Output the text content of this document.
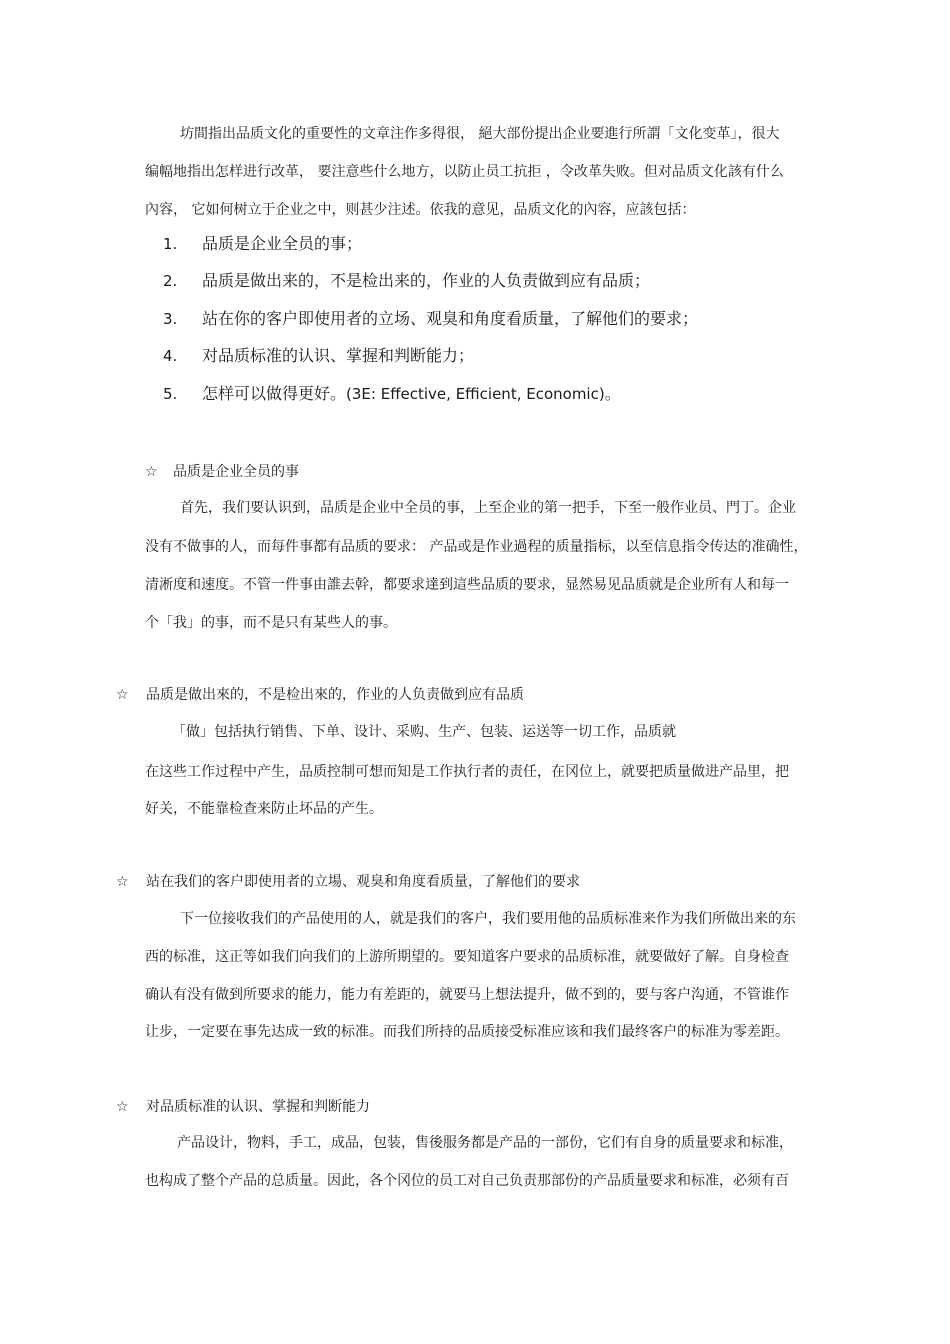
坊間指出品质文化的重要性的文章注作多得很， 絕大部份提出企业要進行所謂「文化变革」，很大
编幅地指出怎样进行改革， 要注意些什么地方，以防止员工抗拒 ，令改革失败。但对品质文化該有什么
內容， 它如何树立于企业之中，则甚少注述。依我的意见，品质文化的內容，应該包括：
1. 品质是企业全员的事；
2. 品质是做出来的，不是检出来的，作业的人负责做到应有品质；
3. 站在你的客户即使用者的立场、观臭和角度看质量，了解他们的要求；
4. 对品质标准的认识、掌握和判断能力；
5. 怎样可以做得更好。(3E: Effective, Efficient, Economic)。
☆ 品质是企业全员的事
首先，我们要认识到，品质是企业中全员的事，上至企业的第一把手，下至一般作业员、門丁。企业
没有不做事的人，而每件事都有品质的要求： 产品或是作业過程的质量指标，以至信息指令传达的准确性，
清淅度和速度。不管一件事由誰去幹，都要求達到這些品质的要求，显然易见品质就是企业所有人和每一
个「我」的事，而不是只有某些人的事。
☆ 品质是做出來的，不是检出來的，作业的人负责做到应有品质
「做」包括执行销售、下单、设计、采购、生产、包装、运送等一切工作，品质就
在这些工作过程中产生，品质控制可想而知是工作执行者的责任，在冈位上，就要把质量做进产品里，把
好关，不能靠检查来防止坏品的产生。
☆ 站在我们的客户即使用者的立場、观臭和角度看质量，了解他们的要求
下一位接收我们的产品使用的人，就是我们的客户，我们要用他的品质标准来作为我们所做出来的东
西的标准，这正等如我们向我们的上游所期望的。要知道客户要求的品质标准，就要做好了解。自身检查
确认有没有做到所要求的能力，能力有差距的，就要马上想法提升，做不到的，要与客户沟通，不管谁作
让步，一定要在事先达成一致的标准。而我们所持的品质接受标准应该和我们最终客户的标准为零差距。
☆ 对品质标准的认识、掌握和判断能力
产品设计，物料，手工，成品，包装，售後服务都是产品的一部份，它们有自身的质量要求和标准，
也构成了整个产品的总质量。因此，各个冈位的员工对自己负责那部份的产品质量要求和标准，必须有百
